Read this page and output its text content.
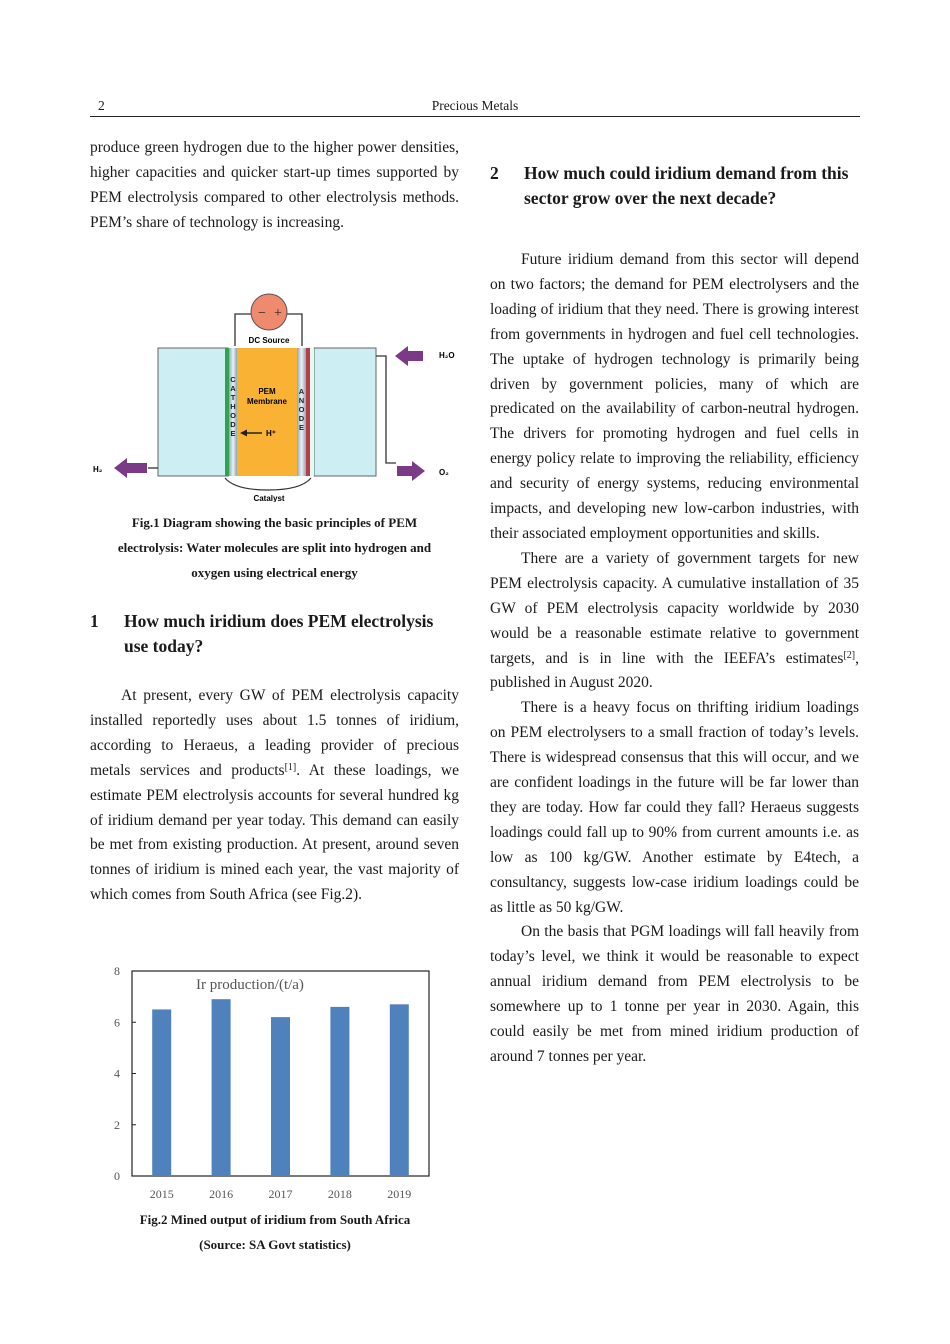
2	Precious Metals

produce green hydrogen due to the higher power densities, higher capacities and quicker start-up times supported by PEM electrolysis compared to other electrolysis methods. PEM’s share of technology is increasing.

− +
DC Source
C
A
T
H
O
D
E
A
N
O
D
E
PEM
Membrane
H⁺
H₂O
H₂	O₂
Catalyst
Fig.1 Diagram showing the basic principles of PEM
electrolysis: Water molecules are split into hydrogen and
oxygen using electrical energy
1	How much iridium does PEM electrolysis use today?

At present, every GW of PEM electrolysis capacity installed reportedly uses about 1.5 tonnes of iridium, according to Heraeus, a leading provider of precious metals services and products[1]. At these loadings, we estimate PEM electrolysis accounts for several hundred kg of iridium demand per year today. This demand can easily be met from existing production. At present, around seven tonnes of iridium is mined each year, the vast majority of which comes from South Africa (see Fig.2).

Ir production/(t/a)
0
2
4
6
8
2015	2016	2017	2018	2019
Fig.2 Mined output of iridium from South Africa
(Source: SA Govt statistics)
2	How much could iridium demand from this sector grow over the next decade?

Future iridium demand from this sector will depend on two factors; the demand for PEM electrolysers and the loading of iridium that they need. There is growing interest from governments in hydrogen and fuel cell technologies. The uptake of hydrogen technology is primarily being driven by government policies, many of which are predicated on the availability of carbon-neutral hydrogen. The drivers for promoting hydrogen and fuel cells in energy policy relate to improving the reliability, efficiency and security of energy systems, reducing environmental impacts, and developing new low-carbon industries, with their associated employment opportunities and skills.

There are a variety of government targets for new PEM electrolysis capacity. A cumulative installation of 35 GW of PEM electrolysis capacity worldwide by 2030 would be a reasonable estimate relative to government targets, and is in line with the IEEFA’s estimates[2], published in August 2020.

There is a heavy focus on thrifting iridium loadings on PEM electrolysers to a small fraction of today’s levels. There is widespread consensus that this will occur, and we are confident loadings in the future will be far lower than they are today. How far could they fall? Heraeus suggests loadings could fall up to 90% from current amounts i.e. as low as 100 kg/GW. Another estimate by E4tech, a consultancy, suggests low-case iridium loadings could be as little as 50 kg/GW.

On the basis that PGM loadings will fall heavily from today’s level, we think it would be reasonable to expect annual iridium demand from PEM electrolysis to be somewhere up to 1 tonne per year in 2030. Again, this could easily be met from mined iridium production of around 7 tonnes per year.
